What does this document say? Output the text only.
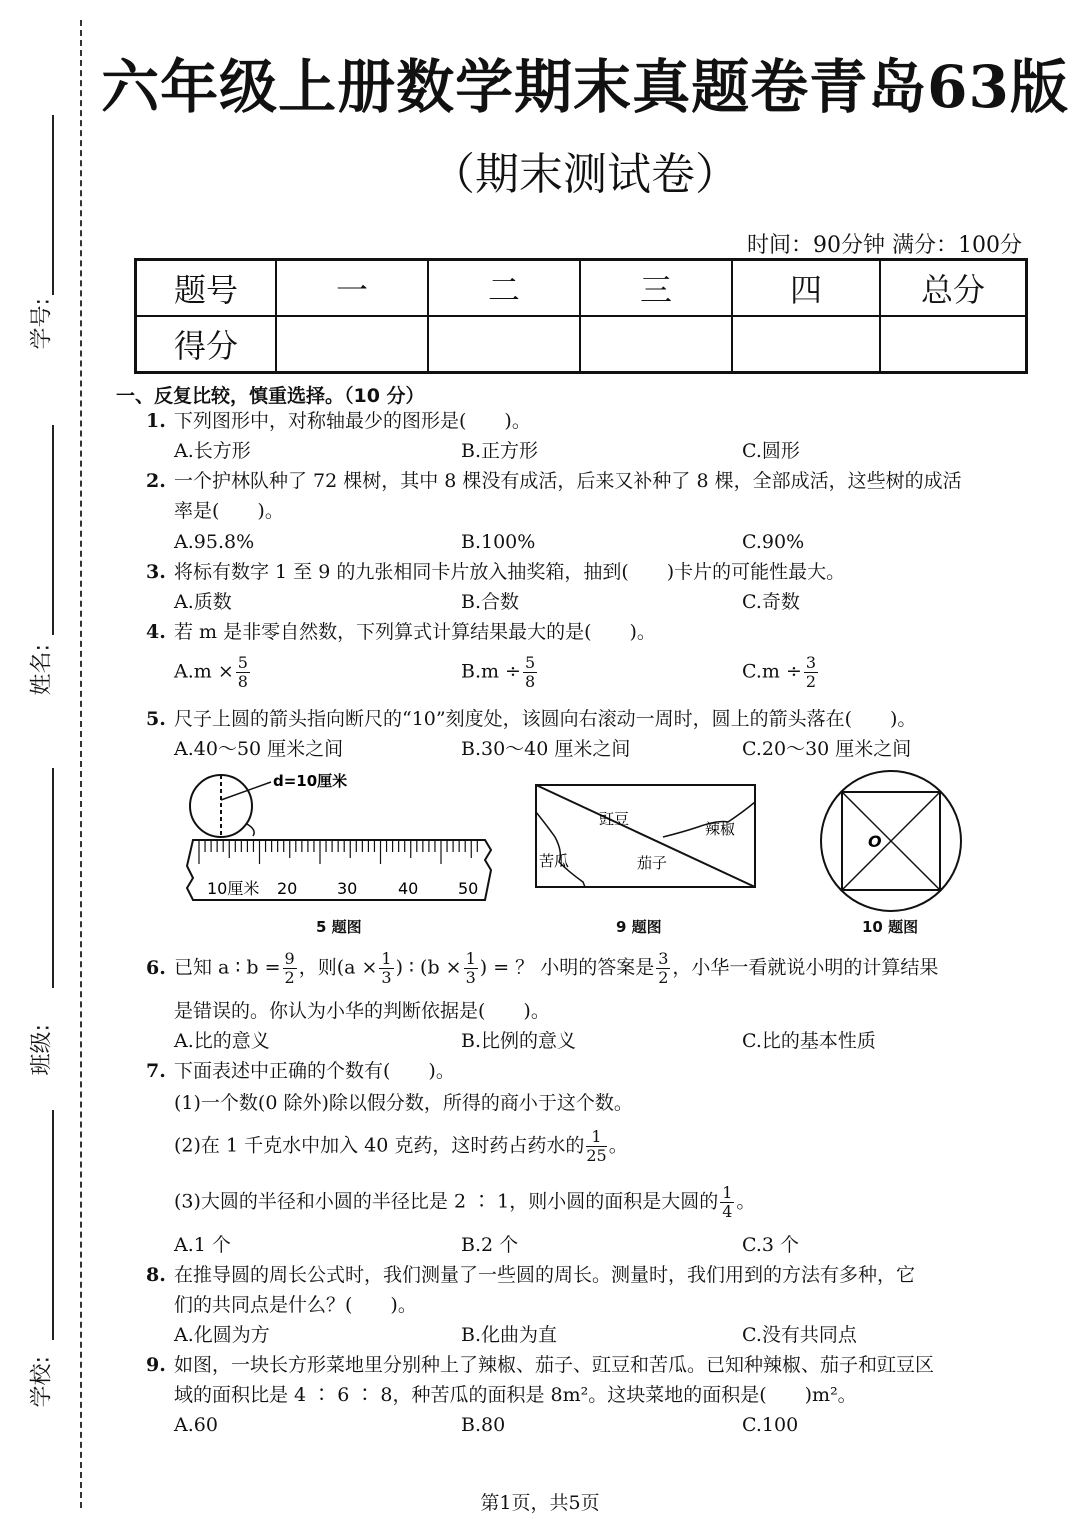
学号:
姓名:
班级:
学校:
六年级上册数学期末真题卷青岛63版
（期末测试卷）
时间：90分钟 满分：100分
题号	一	二	三	四	总分
得分					
一、反复比较，慎重选择。（10 分）
1. 下列图形中，对称轴最少的图形是(　　)。
A.长方形	B.正方形	C.圆形
2. 一个护林队种了 72 棵树，其中 8 棵没有成活，后来又补种了 8 棵，全部成活，这些树的成活
率是(　　)。
A.95.8%	B.100%	C.90%
3. 将标有数字 1 至 9 的九张相同卡片放入抽奖箱，抽到(　　)卡片的可能性最大。
A.质数	B.合数	C.奇数
4. 若 m 是非零自然数，下列算式计算结果最大的是(　　)。
$A.m \times \frac{5}{8}$	$B.m \div \frac{5}{8}$	$C.m \div \frac{3}{2}$
5. 尺子上圆的箭头指向断尺的“10”刻度处，该圆向右滚动一周时，圆上的箭头落在(　　)。
A.40～50 厘米之间	B.30～40 厘米之间	C.20～30 厘米之间
d=10厘米
10厘米 20 30	40 50
5 题图
豇豆
辣椒
苦瓜	茄子
9 题图
O
10 题图
6. 已知 a ∶ $b = \frac{9}{2}$ ，则($a \times \frac{1}{3}$ ) ∶ ($b \times \frac{1}{3}$ ) = ？ 小明的答案是 $\frac{3}{2}$ ，小华一看就说小明的计算结果
是错误的。你认为小华的判断依据是(　　)。
A.比的意义	B.比例的意义	C.比的基本性质
7. 下面表述中正确的个数有(　　)。
(1)一个数(0 除外)除以假分数，所得的商小于这个数。
(2)在 1 千克水中加入 40 克药，这时药占药水的 $\frac{1}{25}$ 。
(3)大圆的半径和小圆的半径比是 2 ∶ 1，则小圆的面积是大圆的 $\frac{1}{4}$ 。
A.1 个	B.2 个	C.3 个
8. 在推导圆的周长公式时，我们测量了一些圆的周长。测量时，我们用到的方法有多种，它
们的共同点是什么？(　　)。
A.化圆为方	B.化曲为直	C.没有共同点
9. 如图，一块长方形菜地里分别种上了辣椒、茄子、豇豆和苦瓜。已知种辣椒、茄子和豇豆区
域的面积比是 4 ∶ 6 ∶ 8，种苦瓜的面积是 8m²。这块菜地的面积是(　　)m²。
A.60	B.80	C.100
第1页，共5页
